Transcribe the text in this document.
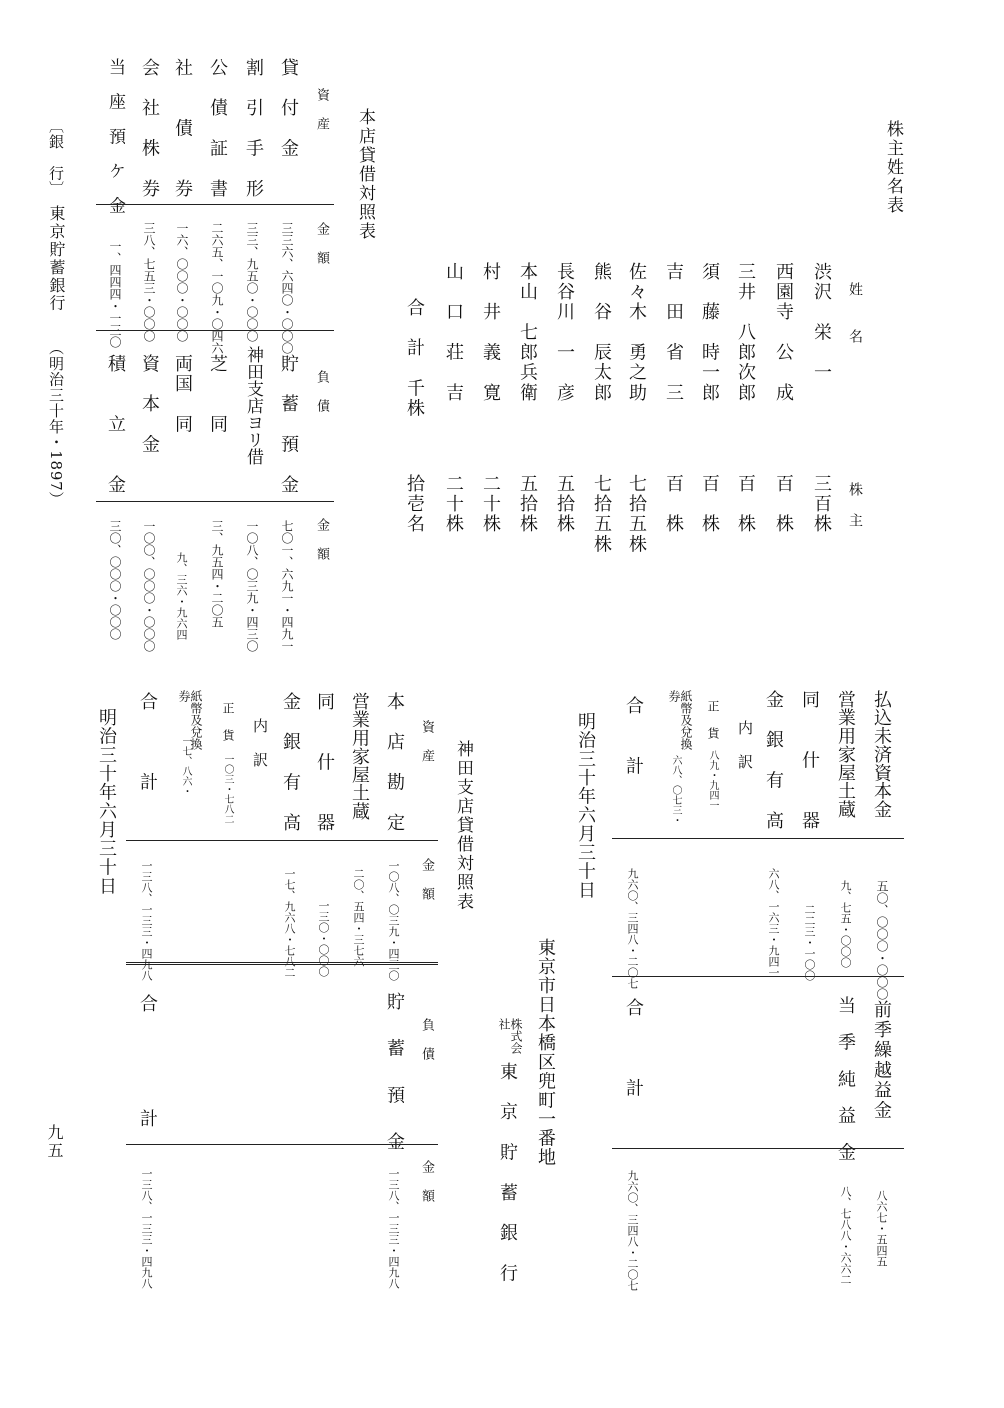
株主姓名表
姓　　名
株　主
渋沢　栄　一
三百株
西園寺　公　成
百　株
三井　八郎次郎
百　株
須　藤　時一郎
百　株
吉　田　省　三
百　株
佐々木　勇之助
七拾五株
熊　谷　辰太郎
七拾五株
長谷川　一　彦
五拾株
本山　七郎兵衛
五拾株
村　井　義　寛
二十株
山　口　荘　吉
二十株
合　計　千株
拾壱名
本店貸借対照表
資　産
金　額
負　債
金　額
貸　付　金
三三六、六四〇・〇〇〇
割　引　手　形
三三、九五〇・〇〇〇
公　債　証　書
二六五、一〇九・〇四六
社　　債　　券
一六、〇〇〇・〇〇〇
会　社　株　券
三八、七五三・〇〇〇
当　座　預　ケ　金
一、四四四・一三〇
貯　蓄　預　金
七〇一、六九一・四九一
神田支店ヨリ借
一〇八、〇三九・四三〇
芝　　同
三、九五四・二〇五
両国　同
九、三六・九六四
資　本　金
一〇〇、〇〇〇・〇〇〇
積　　立　　金
三〇、〇〇〇・〇〇〇
〔銀　行〕
東京貯蓄銀行
（明治三十年・1897）
払込未済資本金
五〇、〇〇〇・〇〇〇
営業用家屋土蔵
九、七五・〇〇〇
同　　什　　器
二二三・一〇〇
金　銀　有　高
六八、一六三・九四一
内　訳
正　貨
八九・九四一
紙幣及兌換券
六八、〇七三・
合　　計
九六〇、三四八・二〇七
前季繰越益金
八六七・五四五
当　季　純　益　金
八、七八八・六六二
合　　　計
九六〇、三四八・二〇七
明治三十年六月三十日
東京市日本橋区兜町一番地
株式会社
東　京　貯　蓄　銀　行
神田支店貸借対照表
資　産
金　額
負　債
金　額
本　店　勘　定
一〇八、〇三九・四三〇
営業用家屋土蔵
二〇、五四・三七六
同　　什　　器
一三〇・〇〇〇
金　銀　有　高
一七、九六八・七八二
内　訳
正　貨
一〇三・七八二
紙幣及兌換券
一七、八六・
合　　　計
一三八、一三三・四九八
貯　蓄　預　金
一三八、一三三・四九八
合　　　計
一三八、一三三・四九八
明治三十年六月三十日
九五
